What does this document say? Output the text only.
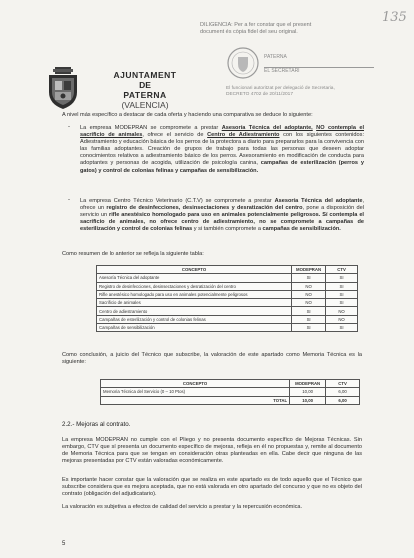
135
AJUNTAMENT
DE
PATERNA
(VALENCIA)
DILIGENCIA: Per a fer constar que el present
document és còpia fidel del seu original.
PATERNA
EL SECRETARI
El funcionari autoritzat per delegació de Secretaria,
DECRETO 4702 de 20/11/2017
A nivel más específico a destacar de cada oferta y haciendo una comparativa se deduce lo siguiente:
- La empresa MODEPRAN se compromete a prestar Asesoría Técnica del adoptante, NO contempla el sacrificio de animales, ofrece el servicio de Centro de Adiestramiento con los siguientes contenidos: Adiestramiento y educación básica de los perros de la protectora a diario para prepararlos para la convivencia con las familias adoptantes. Creación de grupos de trabajo para todas las personas que deseen adoptar conocimientos relativos a adiestramiento básico de los perros. Asesoramiento en modificación de conducta para adoptantes y personas de acogida, utilización de psicología canina, campañas de esterilización (perros y gatos) y control de colonias felinas y campañas de sensibilización.
- La empresa Centro Técnico Veterinario (C.T.V) se compromete a prestar Asesoría Técnica del adoptante, ofrece un registro de desinfecciones, desinsectaciones y desratización del centro, pone a disposición del servicio un rifle anestésico homologado para uso en animales potencialmente peligrosos. Sí contempla el sacrificio de animales, no ofrece centro de adiestramiento, no se compromete a campañas de esterilización y control de colonias felinas y si también compromete a campañas de sensibilización.
Como resumen de lo anterior se refleja la siguiente tabla:
CONCEPTO	MODEPRAN	CTV
Asesoría Técnica del adoptante	SI	SI
Registro de desinfecciones, desinsectaciones y desratización del centro	NO	SI
Rifle anestésico homologado para uso en animales potencialmente peligrosos	NO	SI
Sacrificio de animales	NO	SI
Centro de adiestramiento	SI	NO
Campañas de esterilización y control de colonias felinas	SI	NO
Campañas de sensibilización	SI	SI
Como conclusión, a juicio del Técnico que subscribe, la valoración de este apartado como Memoria Técnica es la siguiente:
CONCEPTO	MODEPRAN	CTV
Memoria Técnica del Servicio (0 – 10 Ptos)	10,00	6,00
TOTAL	10,00	6,00
2.2.- Mejoras al contrato.
La empresa MODEPRAN no cumple con el Pliego y no presenta documento específico de Mejoras Técnicas. Sin embargo, CTV que sí presenta un documento específico de mejoras, refleja en él no propuestas y, remite al documento de Memoria Técnica para que se tengan en consideración otras planteadas en ella. Cabe decir que ninguna de las mejoras presentadas por CTV están valoradas económicamente.
Es importante hacer constar que la valoración que se realiza en este apartado es de todo aquello que el Técnico que subscribe considera que es mejora aceptada, que no está valorada en otro apartado del concurso y que no es objeto del contrato (obligación del adjudicatario).
La valoración es subjetiva a efectos de calidad del servicio a prestar y la repercusión económica.
5
